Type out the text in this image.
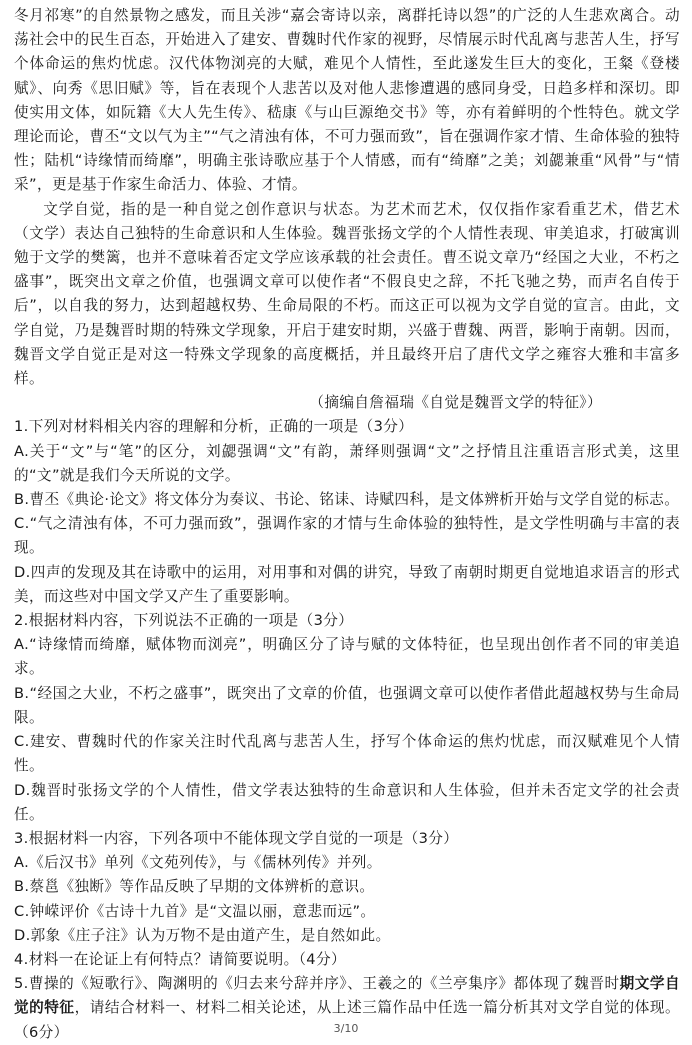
冬月祁寒”的自然景物之感发，而且关涉“嘉会寄诗以亲，离群托诗以怨”的广泛的人生悲欢离合。动荡社会中的民生百态，开始进入了建安、曹魏时代作家的视野，尽情展示时代乱离与悲苦人生，抒写个体命运的焦灼忧虑。汉代体物浏亮的大赋，难见个人情性，至此遂发生巨大的变化，王粲《登楼赋》、向秀《思旧赋》等，旨在表现个人悲苦以及对他人悲惨遭遇的感同身受，日趋多样和深切。即使实用文体，如阮籍《大人先生传》、嵇康《与山巨源绝交书》等，亦有着鲜明的个性特色。就文学理论而论，曹丕“文以气为主”“气之清浊有体，不可力强而致”，旨在强调作家才情、生命体验的独特性；陆机“诗缘情而绮靡”，明确主张诗歌应基于个人情感，而有“绮靡”之美；刘勰兼重“风骨”与“情采”，更是基于作家生命活力、体验、才情。

文学自觉，指的是一种自觉之创作意识与状态。为艺术而艺术，仅仅指作家看重艺术，借艺术（文学）表达自己独特的生命意识和人生体验。魏晋张扬文学的个人情性表现、审美追求，打破寓训勉于文学的樊篱，也并不意味着否定文学应该承载的社会责任。曹丕说文章乃“经国之大业，不朽之盛事”，既突出文章之价值，也强调文章可以使作者“不假良史之辞，不托飞驰之势，而声名自传于后”，以自我的努力，达到超越权势、生命局限的不朽。而这正可以视为文学自觉的宣言。由此，文学自觉，乃是魏晋时期的特殊文学现象，开启于建安时期，兴盛于曹魏、两晋，影响于南朝。因而，魏晋文学自觉正是对这一特殊文学现象的高度概括，并且最终开启了唐代文学之雍容大雅和丰富多样。

（摘编自詹福瑞《自觉是魏晋文学的特征》）

1.下列对材料相关内容的理解和分析，正确的一项是（3分）

A.关于“文”与“笔”的区分，刘勰强调“文”有韵，萧绎则强调“文”之抒情且注重语言形式美，这里的“文”就是我们今天所说的文学。

B.曹丕《典论·论文》将文体分为奏议、书论、铭诔、诗赋四科，是文体辨析开始与文学自觉的标志。

C.“气之清浊有体，不可力强而致”，强调作家的才情与生命体验的独特性，是文学性明确与丰富的表现。

D.四声的发现及其在诗歌中的运用，对用事和对偶的讲究，导致了南朝时期更自觉地追求语言的形式美，而这些对中国文学又产生了重要影响。

2.根据材料内容，下列说法不正确的一项是（3分）

A.“诗缘情而绮靡，赋体物而浏亮”，明确区分了诗与赋的文体特征，也呈现出创作者不同的审美追求。

B.“经国之大业，不朽之盛事”，既突出了文章的价值，也强调文章可以使作者借此超越权势与生命局限。

C.建安、曹魏时代的作家关注时代乱离与悲苦人生，抒写个体命运的焦灼忧虑，而汉赋难见个人情性。

D.魏晋时张扬文学的个人情性，借文学表达独特的生命意识和人生体验，但并未否定文学的社会责任。

3.根据材料一内容，下列各项中不能体现文学自觉的一项是（3分）

A.《后汉书》单列《文苑列传》，与《儒林列传》并列。

B.蔡邕《独断》等作品反映了早期的文体辨析的意识。

C.钟嵘评价《古诗十九首》是“文温以丽，意悲而远”。

D.郭象《庄子注》认为万物不是由道产生，是自然如此。

4.材料一在论证上有何特点？请简要说明。（4分）

5.曹操的《短歌行》、陶渊明的《归去来兮辞并序》、王羲之的《兰亭集序》都体现了魏晋时期文学自觉的特征，请结合材料一、材料二相关论述，从上述三篇作品中任选一篇分析其对文学自觉的体现。（6分）	3/10
